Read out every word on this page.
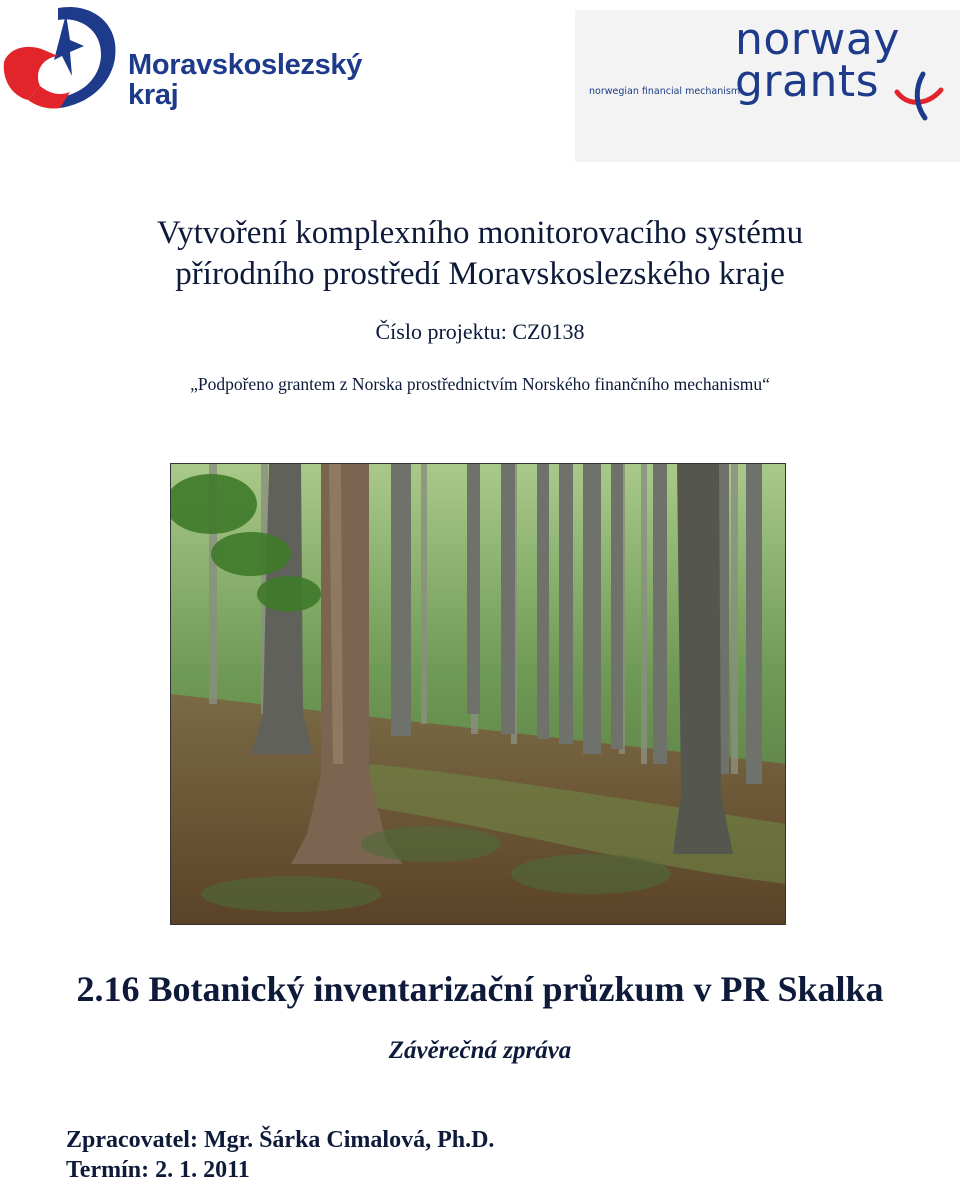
Moravskoslezský
kraj
norway
grants
norwegian financial mechanism
Vytvoření komplexního monitorovacího systému
přírodního prostředí Moravskoslezského kraje
Číslo projektu: CZ0138
„Podpořeno grantem z Norska prostřednictvím Norského finančního mechanismu“
2.16 Botanický inventarizační průzkum v PR Skalka
Závěrečná zpráva
Zpracovatel: Mgr. Šárka Cimalová, Ph.D.
Termín: 2. 1. 2011
